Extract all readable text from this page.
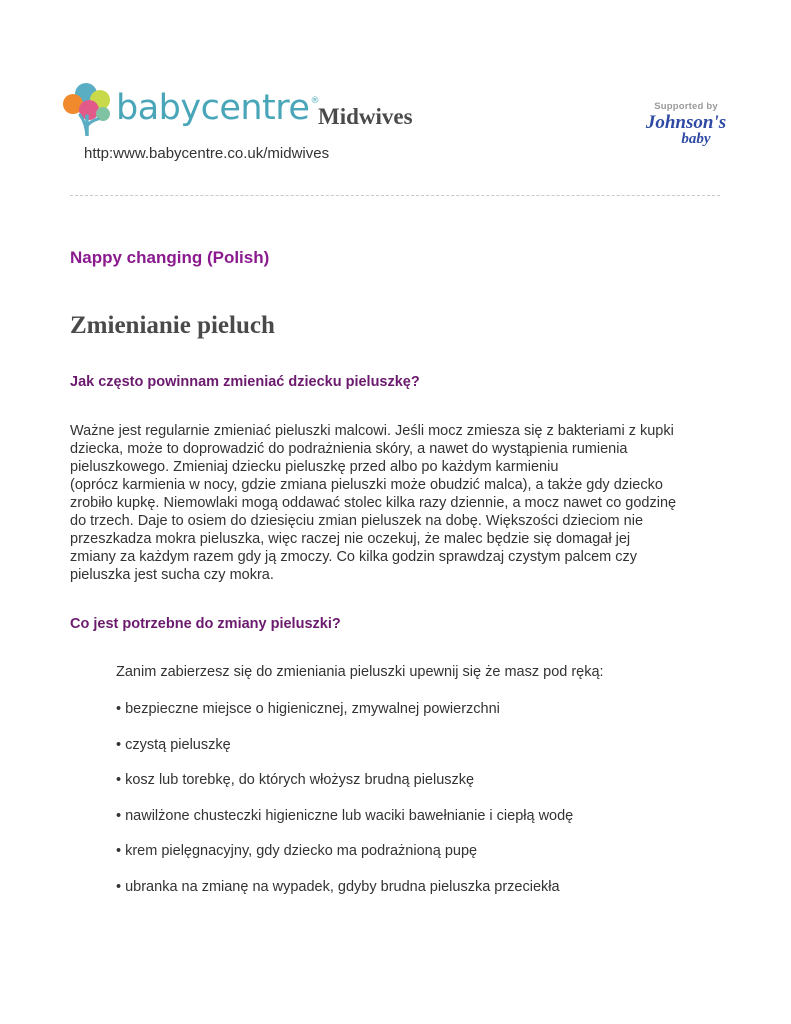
babycentre®
Midwives
http:www.babycentre.co.uk/midwives
Supported by
Johnson's
baby
Nappy changing (Polish)
Zmienianie pieluch
Jak często powinnam zmieniać dziecku pieluszkę?
Ważne jest regularnie zmieniać pieluszki malcowi. Jeśli mocz zmiesza się z bakteriami z kupki
dziecka, może to doprowadzić do podrażnienia skóry, a nawet do wystąpienia rumienia
pieluszkowego. Zmieniaj dziecku pieluszkę przed albo po każdym karmieniu
(oprócz karmienia w nocy, gdzie zmiana pieluszki może obudzić malca), a także gdy dziecko
zrobiło kupkę. Niemowlaki mogą oddawać stolec kilka razy dziennie, a mocz nawet co godzinę
do trzech. Daje to osiem do dziesięciu zmian pieluszek na dobę. Większości dzieciom nie
przeszkadza mokra pieluszka, więc raczej nie oczekuj, że malec będzie się domagał jej
zmiany za każdym razem gdy ją zmoczy. Co kilka godzin sprawdzaj czystym palcem czy
pieluszka jest sucha czy mokra.
Co jest potrzebne do zmiany pieluszki?
Zanim zabierzesz się do zmieniania pieluszki upewnij się że masz pod ręką:
• bezpieczne miejsce o higienicznej, zmywalnej powierzchni
• czystą pieluszkę
• kosz lub torebkę, do których włożysz brudną pieluszkę
• nawilżone chusteczki higieniczne lub waciki bawełnianie i ciepłą wodę
• krem pielęgnacyjny, gdy dziecko ma podrażnioną pupę
• ubranka na zmianę na wypadek, gdyby brudna pieluszka przeciekła
